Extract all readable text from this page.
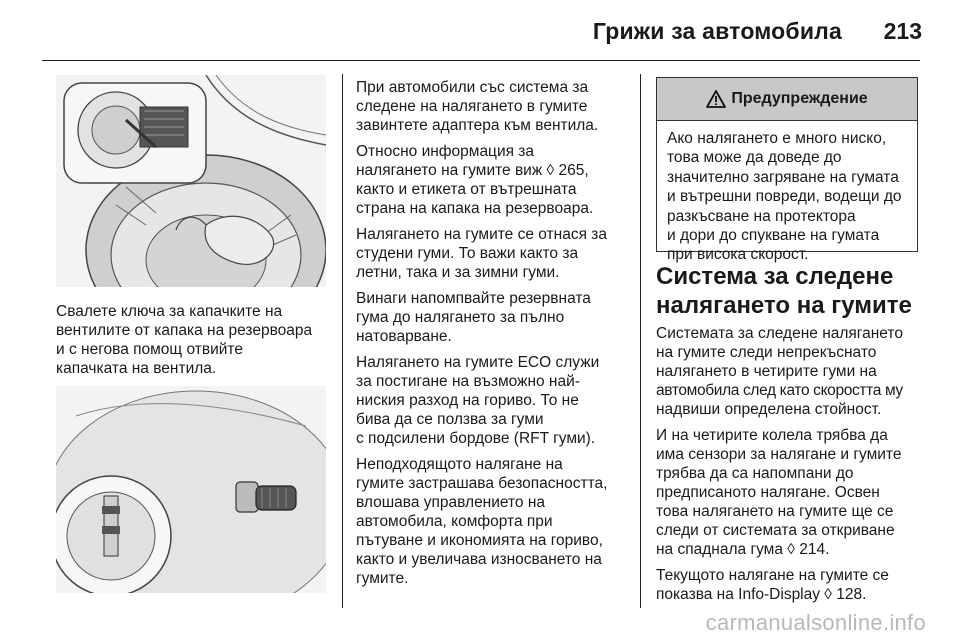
Грижи за автомобила 213

Свалете ключа за капачките на
вентилите от капака на резервоара
и с негова помощ отвийте
капачката на вентила.

При автомобили със система за
следене на налягането в гумите
завинтете адаптера към вентила.

Относно информация за
налягането на гумите виж ◊ 265,
както и етикета от вътрешната
страна на капака на резервоара.

Налягането на гумите се отнася за
студени гуми. То важи както за
летни, така и за зимни гуми.

Винаги напомпвайте резервната
гума до налягането за пълно
натоварване.

Налягането на гумите ECO служи
за постигане на възможно най-
ниския разход на гориво. То не
бива да се ползва за гуми
с подсилени бордове (RFT гуми).

Неподходящото налягане на
гумите застрашава безопасността,
влошава управлението на
автомобила, комфорта при
пътуване и икономията на гориво,
както и увеличава износването на
гумите.

Предупреждение

Ако налягането е много ниско,
това може да доведе до
значително загряване на гумата
и вътрешни повреди, водещи до
разкъсване на протектора
и дори до спукване на гумата
при висока скорост.

Система за следене
налягането на гумите

Системата за следене налягането
на гумите следи непрекъснато
налягането в четирите гуми на
автомобила след като скоростта му
надвиши определена стойност.

И на четирите колела трябва да
има сензори за налягане и гумите
трябва да са напомпани до
предписаното налягане. Освен
това налягането на гумите ще се
следи от системата за откриване
на спаднала гума ◊ 214.

Текущото налягане на гумите се
показва на Info-Display ◊ 128.

carmanualsonline.info
